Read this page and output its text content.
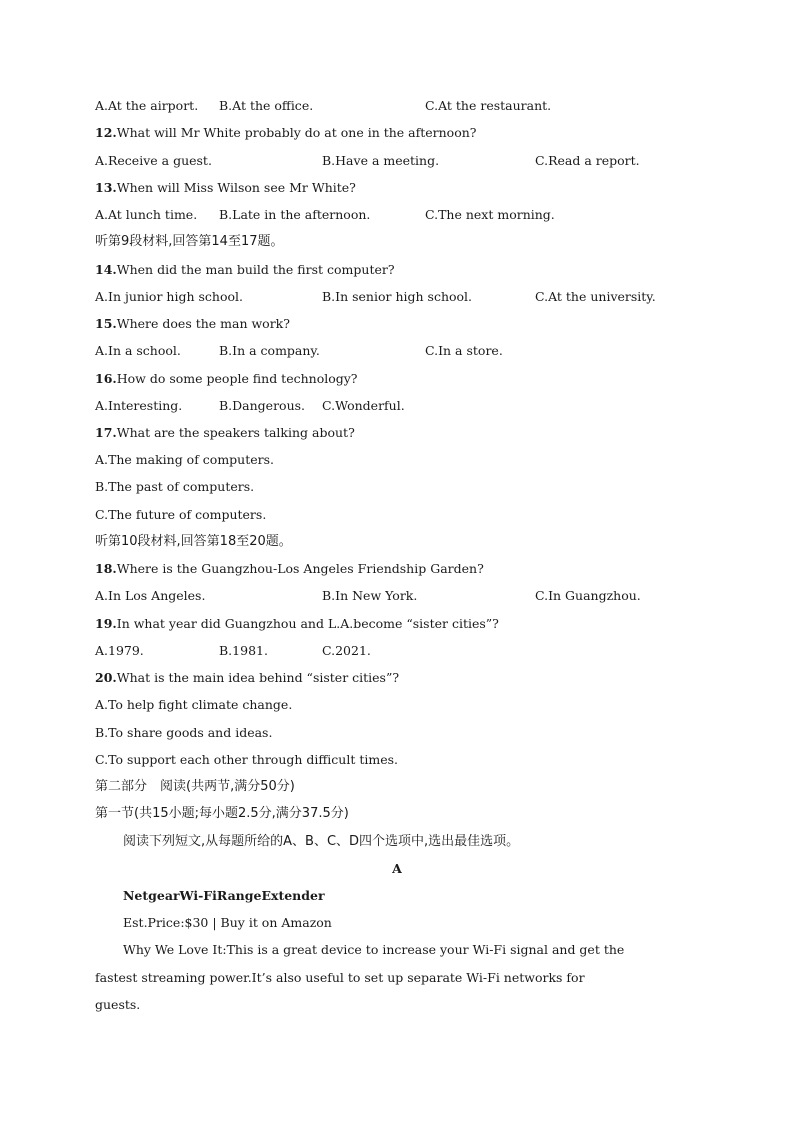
A.At the airport.

B.At the office.

	C.At the restaurant.

12.What will Mr White probably do at one in the afternoon?

A.Receive a guest.

	B.Have a meeting.

	C.Read a report.

13.When will Miss Wilson see Mr White?

A.At lunch time.

B.Late in the afternoon.

	C.The next morning.

听第9段材料,回答第14至17题。
14.When did the man build the first computer?

A.In junior high school.

	B.In senior high school.

	C.At the university.

15.Where does the man work?

A.In a school.

	B.In a company.

	C.In a store.

16.How do some people find technology?

A.Interesting.

	B.Dangerous.

C.Wonderful.

17.What are the speakers talking about?
A.The making of computers.
B.The past of computers.
C.The future of computers.
听第10段材料,回答第18至20题。
18.Where is the Guangzhou-Los Angeles Friendship Garden?

A.In Los Angeles.

	B.In New York.

	C.In Guangzhou.

19.In what year did Guangzhou and L.A.become “sister cities”?

A.1979.

	B.1981.

	C.2021.

20.What is the main idea behind “sister cities”?
A.To help fight climate change.
B.To share goods and ideas.
C.To support each other through difficult times.
第二部分　阅读(共两节,满分50分)
第一节(共15小题;每小题2.5分,满分37.5分)
阅读下列短文,从每题所给的A、B、C、D四个选项中,选出最佳选项。
A
NetgearWi-FiRangeExtender
Est.Price:$30 | Buy it on Amazon
Why We Love It:This is a great device to increase your Wi-Fi signal and get the
fastest streaming power.It’s also useful to set up separate Wi-Fi networks for
guests.
